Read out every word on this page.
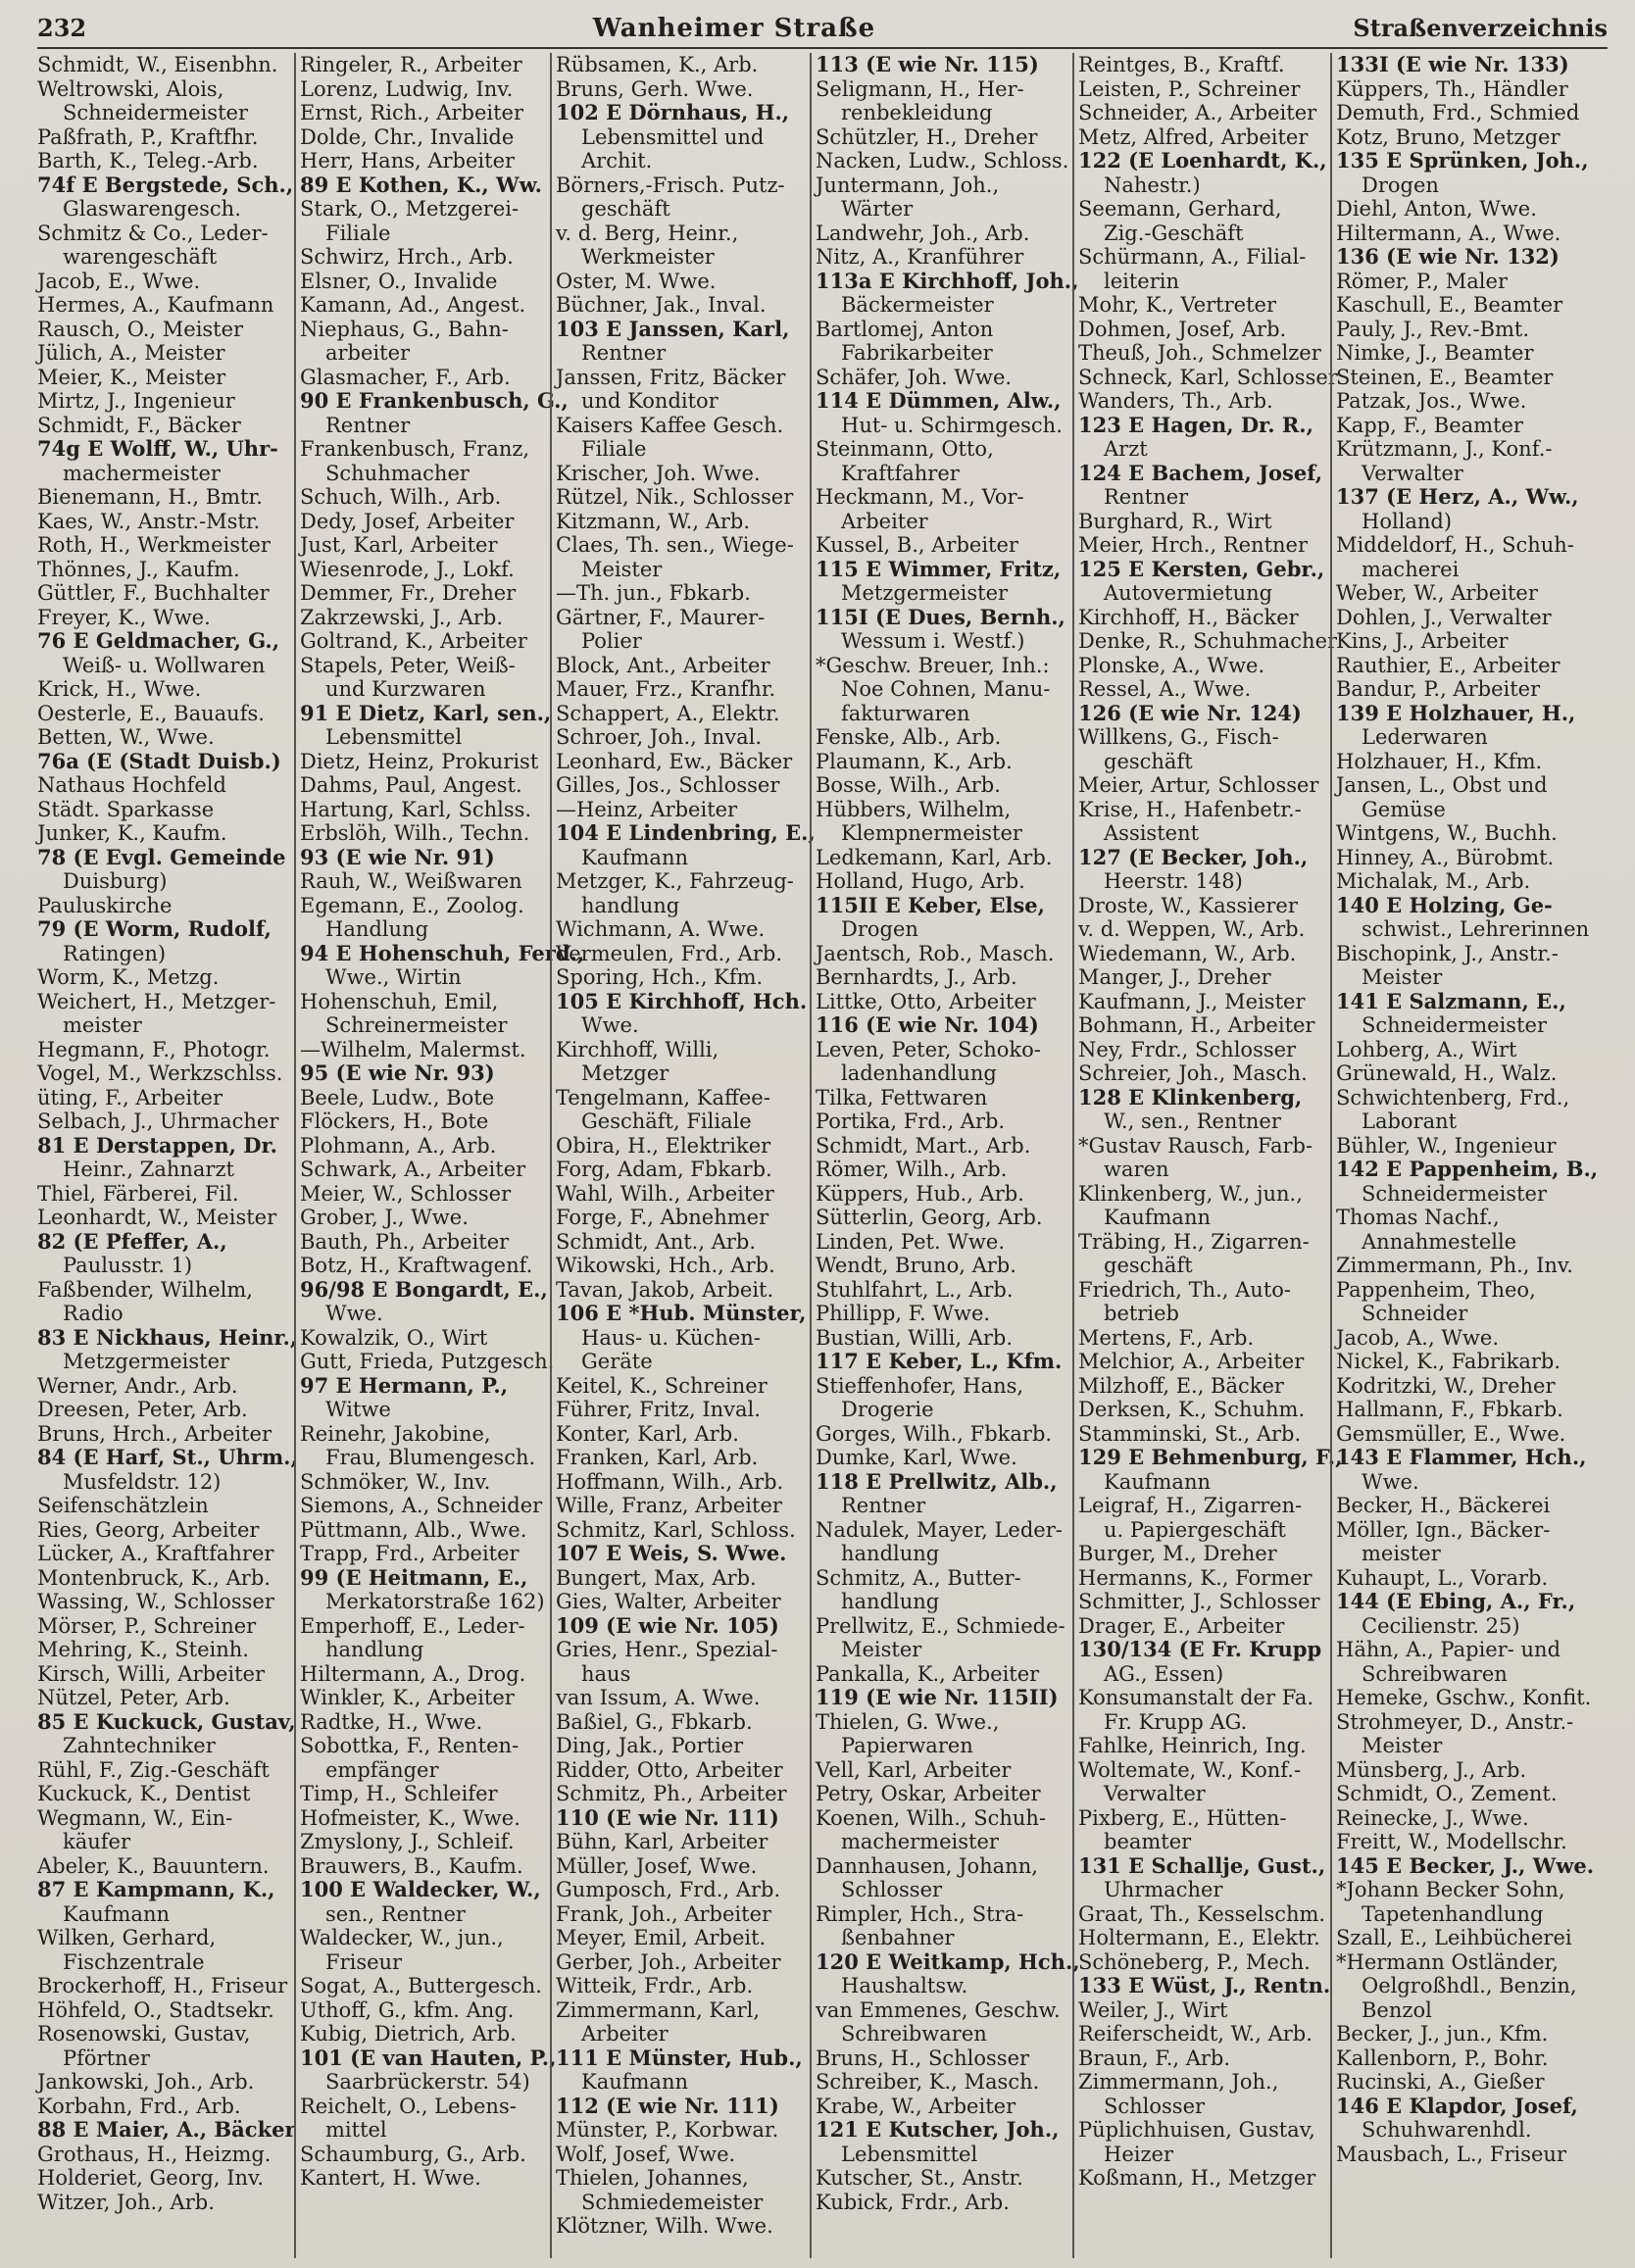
232	Wanheimer Straße	Straßenverzeichnis
Schmidt, W., Eisenbhn.
Weltrowski, Alois,
Schneidermeister
Paßfrath, P., Kraftfhr.
Barth, K., Teleg.-Arb.
74f E Bergstede, Sch.,
Glaswarengesch.
Schmitz & Co., Leder-
warengeschäft
Jacob, E., Wwe.
Hermes, A., Kaufmann
Rausch, O., Meister
Jülich, A., Meister
Meier, K., Meister
Mirtz, J., Ingenieur
Schmidt, F., Bäcker
74g E Wolff, W., Uhr-
machermeister
Bienemann, H., Bmtr.
Kaes, W., Anstr.-Mstr.
Roth, H., Werkmeister
Thönnes, J., Kaufm.
Güttler, F., Buchhalter
Freyer, K., Wwe.
76 E Geldmacher, G.,
Weiß- u. Wollwaren
Krick, H., Wwe.
Oesterle, E., Bauaufs.
Betten, W., Wwe.
76a (E (Stadt Duisb.)
Nathaus Hochfeld
Städt. Sparkasse
Junker, K., Kaufm.
78 (E Evgl. Gemeinde
Duisburg)
Pauluskirche
79 (E Worm, Rudolf,
Ratingen)
Worm, K., Metzg.
Weichert, H., Metzger-
meister
Hegmann, F., Photogr.
Vogel, M., Werkzschlss.
üting, F., Arbeiter
Selbach, J., Uhrmacher
81 E Derstappen, Dr.
Heinr., Zahnarzt
Thiel, Färberei, Fil.
Leonhardt, W., Meister
82 (E Pfeffer, A.,
Paulusstr. 1)
Faßbender, Wilhelm,
Radio
83 E Nickhaus, Heinr.,
Metzgermeister
Werner, Andr., Arb.
Dreesen, Peter, Arb.
Bruns, Hrch., Arbeiter
84 (E Harf, St., Uhrm.,
Musfeldstr. 12)
Seifenschätzlein
Ries, Georg, Arbeiter
Lücker, A., Kraftfahrer
Montenbruck, K., Arb.
Wassing, W., Schlosser
Mörser, P., Schreiner
Mehring, K., Steinh.
Kirsch, Willi, Arbeiter
Nützel, Peter, Arb.
85 E Kuckuck, Gustav,
Zahntechniker
Rühl, F., Zig.-Geschäft
Kuckuck, K., Dentist
Wegmann, W., Ein-
käufer
Abeler, K., Bauuntern.
87 E Kampmann, K.,
Kaufmann
Wilken, Gerhard,
Fischzentrale
Brockerhoff, H., Friseur
Höhfeld, O., Stadtsekr.
Rosenowski, Gustav,
Pförtner
Jankowski, Joh., Arb.
Korbahn, Frd., Arb.
88 E Maier, A., Bäcker
Grothaus, H., Heizmg.
Holderiet, Georg, Inv.
Witzer, Joh., Arb.
Ringeler, R., Arbeiter
Lorenz, Ludwig, Inv.
Ernst, Rich., Arbeiter
Dolde, Chr., Invalide
Herr, Hans, Arbeiter
89 E Kothen, K., Ww.
Stark, O., Metzgerei-
Filiale
Schwirz, Hrch., Arb.
Elsner, O., Invalide
Kamann, Ad., Angest.
Niephaus, G., Bahn-
arbeiter
Glasmacher, F., Arb.
90 E Frankenbusch, G.,
Rentner
Frankenbusch, Franz,
Schuhmacher
Schuch, Wilh., Arb.
Dedy, Josef, Arbeiter
Just, Karl, Arbeiter
Wiesenrode, J., Lokf.
Demmer, Fr., Dreher
Zakrzewski, J., Arb.
Goltrand, K., Arbeiter
Stapels, Peter, Weiß-
und Kurzwaren
91 E Dietz, Karl, sen.,
Lebensmittel
Dietz, Heinz, Prokurist
Dahms, Paul, Angest.
Hartung, Karl, Schlss.
Erbslöh, Wilh., Techn.
93 (E wie Nr. 91)
Rauh, W., Weißwaren
Egemann, E., Zoolog.
Handlung
94 E Hohenschuh, Ferd.,
Wwe., Wirtin
Hohenschuh, Emil,
Schreinermeister
—Wilhelm, Malermst.
95 (E wie Nr. 93)
Beele, Ludw., Bote
Flöckers, H., Bote
Plohmann, A., Arb.
Schwark, A., Arbeiter
Meier, W., Schlosser
Grober, J., Wwe.
Bauth, Ph., Arbeiter
Botz, H., Kraftwagenf.
96/98 E Bongardt, E.,
Wwe.
Kowalzik, O., Wirt
Gutt, Frieda, Putzgesch.
97 E Hermann, P.,
Witwe
Reinehr, Jakobine,
Frau, Blumengesch.
Schmöker, W., Inv.
Siemons, A., Schneider
Püttmann, Alb., Wwe.
Trapp, Frd., Arbeiter
99 (E Heitmann, E.,
Merkatorstraße 162)
Emperhoff, E., Leder-
handlung
Hiltermann, A., Drog.
Winkler, K., Arbeiter
Radtke, H., Wwe.
Sobottka, F., Renten-
empfänger
Timp, H., Schleifer
Hofmeister, K., Wwe.
Zmyslony, J., Schleif.
Brauwers, B., Kaufm.
100 E Waldecker, W.,
sen., Rentner
Waldecker, W., jun.,
Friseur
Sogat, A., Buttergesch.
Uthoff, G., kfm. Ang.
Kubig, Dietrich, Arb.
101 (E van Hauten, P.,
Saarbrückerstr. 54)
Reichelt, O., Lebens-
mittel
Schaumburg, G., Arb.
Kantert, H. Wwe.
Rübsamen, K., Arb.
Bruns, Gerh. Wwe.
102 E Dörnhaus, H.,
Lebensmittel und
Archit.
Börners,-Frisch. Putz-
geschäft
v. d. Berg, Heinr.,
Werkmeister
Oster, M. Wwe.
Büchner, Jak., Inval.
103 E Janssen, Karl,
Rentner
Janssen, Fritz, Bäcker
und Konditor
Kaisers Kaffee Gesch.
Filiale
Krischer, Joh. Wwe.
Rützel, Nik., Schlosser
Kitzmann, W., Arb.
Claes, Th. sen., Wiege-
Meister
—Th. jun., Fbkarb.
Gärtner, F., Maurer-
Polier
Block, Ant., Arbeiter
Mauer, Frz., Kranfhr.
Schappert, A., Elektr.
Schroer, Joh., Inval.
Leonhard, Ew., Bäcker
Gilles, Jos., Schlosser
—Heinz, Arbeiter
104 E Lindenbring, E.,
Kaufmann
Metzger, K., Fahrzeug-
handlung
Wichmann, A. Wwe.
Vermeulen, Frd., Arb.
Sporing, Hch., Kfm.
105 E Kirchhoff, Hch.
Wwe.
Kirchhoff, Willi,
Metzger
Tengelmann, Kaffee-
Geschäft, Filiale
Obira, H., Elektriker
Forg, Adam, Fbkarb.
Wahl, Wilh., Arbeiter
Forge, F., Abnehmer
Schmidt, Ant., Arb.
Wikowski, Hch., Arb.
Tavan, Jakob, Arbeit.
106 E *Hub. Münster,
Haus- u. Küchen-
Geräte
Keitel, K., Schreiner
Führer, Fritz, Inval.
Konter, Karl, Arb.
Franken, Karl, Arb.
Hoffmann, Wilh., Arb.
Wille, Franz, Arbeiter
Schmitz, Karl, Schloss.
107 E Weis, S. Wwe.
Bungert, Max, Arb.
Gies, Walter, Arbeiter
109 (E wie Nr. 105)
Gries, Henr., Spezial-
haus
van Issum, A. Wwe.
Baßiel, G., Fbkarb.
Ding, Jak., Portier
Ridder, Otto, Arbeiter
Schmitz, Ph., Arbeiter
110 (E wie Nr. 111)
Bühn, Karl, Arbeiter
Müller, Josef, Wwe.
Gumposch, Frd., Arb.
Frank, Joh., Arbeiter
Meyer, Emil, Arbeit.
Gerber, Joh., Arbeiter
Witteik, Frdr., Arb.
Zimmermann, Karl,
Arbeiter
111 E Münster, Hub.,
Kaufmann
112 (E wie Nr. 111)
Münster, P., Korbwar.
Wolf, Josef, Wwe.
Thielen, Johannes,
Schmiedemeister
Klötzner, Wilh. Wwe.
113 (E wie Nr. 115)
Seligmann, H., Her-
renbekleidung
Schützler, H., Dreher
Nacken, Ludw., Schloss.
Juntermann, Joh.,
Wärter
Landwehr, Joh., Arb.
Nitz, A., Kranführer
113a E Kirchhoff, Joh.,
Bäckermeister
Bartlomej, Anton
Fabrikarbeiter
Schäfer, Joh. Wwe.
114 E Dümmen, Alw.,
Hut- u. Schirmgesch.
Steinmann, Otto,
Kraftfahrer
Heckmann, M., Vor-
Arbeiter
Kussel, B., Arbeiter
115 E Wimmer, Fritz,
Metzgermeister
115I (E Dues, Bernh.,
Wessum i. Westf.)
*Geschw. Breuer, Inh.:
Noe Cohnen, Manu-
fakturwaren
Fenske, Alb., Arb.
Plaumann, K., Arb.
Bosse, Wilh., Arb.
Hübbers, Wilhelm,
Klempnermeister
Ledkemann, Karl, Arb.
Holland, Hugo, Arb.
115II E Keber, Else,
Drogen
Jaentsch, Rob., Masch.
Bernhardts, J., Arb.
Littke, Otto, Arbeiter
116 (E wie Nr. 104)
Leven, Peter, Schoko-
ladenhandlung
Tilka, Fettwaren
Portika, Frd., Arb.
Schmidt, Mart., Arb.
Römer, Wilh., Arb.
Küppers, Hub., Arb.
Sütterlin, Georg, Arb.
Linden, Pet. Wwe.
Wendt, Bruno, Arb.
Stuhlfahrt, L., Arb.
Phillipp, F. Wwe.
Bustian, Willi, Arb.
117 E Keber, L., Kfm.
Stieffenhofer, Hans,
Drogerie
Gorges, Wilh., Fbkarb.
Dumke, Karl, Wwe.
118 E Prellwitz, Alb.,
Rentner
Nadulek, Mayer, Leder-
handlung
Schmitz, A., Butter-
handlung
Prellwitz, E., Schmiede-
Meister
Pankalla, K., Arbeiter
119 (E wie Nr. 115II)
Thielen, G. Wwe.,
Papierwaren
Vell, Karl, Arbeiter
Petry, Oskar, Arbeiter
Koenen, Wilh., Schuh-
machermeister
Dannhausen, Johann,
Schlosser
Rimpler, Hch., Stra-
ßenbahner
120 E Weitkamp, Hch.,
Haushaltsw.
van Emmenes, Geschw.
Schreibwaren
Bruns, H., Schlosser
Schreiber, K., Masch.
Krabe, W., Arbeiter
121 E Kutscher, Joh.,
Lebensmittel
Kutscher, St., Anstr.
Kubick, Frdr., Arb.
Reintges, B., Kraftf.
Leisten, P., Schreiner
Schneider, A., Arbeiter
Metz, Alfred, Arbeiter
122 (E Loenhardt, K.,
Nahestr.)
Seemann, Gerhard,
Zig.-Geschäft
Schürmann, A., Filial-
leiterin
Mohr, K., Vertreter
Dohmen, Josef, Arb.
Theuß, Joh., Schmelzer
Schneck, Karl, Schlosser
Wanders, Th., Arb.
123 E Hagen, Dr. R.,
Arzt
124 E Bachem, Josef,
Rentner
Burghard, R., Wirt
Meier, Hrch., Rentner
125 E Kersten, Gebr.,
Autovermietung
Kirchhoff, H., Bäcker
Denke, R., Schuhmacher
Plonske, A., Wwe.
Ressel, A., Wwe.
126 (E wie Nr. 124)
Willkens, G., Fisch-
geschäft
Meier, Artur, Schlosser
Krise, H., Hafenbetr.-
Assistent
127 (E Becker, Joh.,
Heerstr. 148)
Droste, W., Kassierer
v. d. Weppen, W., Arb.
Wiedemann, W., Arb.
Manger, J., Dreher
Kaufmann, J., Meister
Bohmann, H., Arbeiter
Ney, Frdr., Schlosser
Schreier, Joh., Masch.
128 E Klinkenberg,
W., sen., Rentner
*Gustav Rausch, Farb-
waren
Klinkenberg, W., jun.,
Kaufmann
Träbing, H., Zigarren-
geschäft
Friedrich, Th., Auto-
betrieb
Mertens, F., Arb.
Melchior, A., Arbeiter
Milzhoff, E., Bäcker
Derksen, K., Schuhm.
Stamminski, St., Arb.
129 E Behmenburg, F.,
Kaufmann
Leigraf, H., Zigarren-
u. Papiergeschäft
Burger, M., Dreher
Hermanns, K., Former
Schmitter, J., Schlosser
Drager, E., Arbeiter
130/134 (E Fr. Krupp
AG., Essen)
Konsumanstalt der Fa.
Fr. Krupp AG.
Fahlke, Heinrich, Ing.
Woltemate, W., Konf.-
Verwalter
Pixberg, E., Hütten-
beamter
131 E Schallje, Gust.,
Uhrmacher
Graat, Th., Kesselschm.
Holtermann, E., Elektr.
Schöneberg, P., Mech.
133 E Wüst, J., Rentn.
Weiler, J., Wirt
Reiferscheidt, W., Arb.
Braun, F., Arb.
Zimmermann, Joh.,
Schlosser
Püplichhuisen, Gustav,
Heizer
Koßmann, H., Metzger
133I (E wie Nr. 133)
Küppers, Th., Händler
Demuth, Frd., Schmied
Kotz, Bruno, Metzger
135 E Sprünken, Joh.,
Drogen
Diehl, Anton, Wwe.
Hiltermann, A., Wwe.
136 (E wie Nr. 132)
Römer, P., Maler
Kaschull, E., Beamter
Pauly, J., Rev.-Bmt.
Nimke, J., Beamter
Steinen, E., Beamter
Patzak, Jos., Wwe.
Kapp, F., Beamter
Krützmann, J., Konf.-
Verwalter
137 (E Herz, A., Ww.,
Holland)
Middeldorf, H., Schuh-
macherei
Weber, W., Arbeiter
Dohlen, J., Verwalter
Kins, J., Arbeiter
Rauthier, E., Arbeiter
Bandur, P., Arbeiter
139 E Holzhauer, H.,
Lederwaren
Holzhauer, H., Kfm.
Jansen, L., Obst und
Gemüse
Wintgens, W., Buchh.
Hinney, A., Bürobmt.
Michalak, M., Arb.
140 E Holzing, Ge-
schwist., Lehrerinnen
Bischopink, J., Anstr.-
Meister
141 E Salzmann, E.,
Schneidermeister
Lohberg, A., Wirt
Grünewald, H., Walz.
Schwichtenberg, Frd.,
Laborant
Bühler, W., Ingenieur
142 E Pappenheim, B.,
Schneidermeister
Thomas Nachf.,
Annahmestelle
Zimmermann, Ph., Inv.
Pappenheim, Theo,
Schneider
Jacob, A., Wwe.
Nickel, K., Fabrikarb.
Kodritzki, W., Dreher
Hallmann, F., Fbkarb.
Gemsmüller, E., Wwe.
143 E Flammer, Hch.,
Wwe.
Becker, H., Bäckerei
Möller, Ign., Bäcker-
meister
Kuhaupt, L., Vorarb.
144 (E Ebing, A., Fr.,
Cecilienstr. 25)
Hähn, A., Papier- und
Schreibwaren
Hemeke, Gschw., Konfit.
Strohmeyer, D., Anstr.-
Meister
Münsberg, J., Arb.
Schmidt, O., Zement.
Reinecke, J., Wwe.
Freitt, W., Modellschr.
145 E Becker, J., Wwe.
*Johann Becker Sohn,
Tapetenhandlung
Szall, E., Leihbücherei
*Hermann Ostländer,
Oelgroßhdl., Benzin,
Benzol
Becker, J., jun., Kfm.
Kallenborn, P., Bohr.
Rucinski, A., Gießer
146 E Klapdor, Josef,
Schuhwarenhdl.
Mausbach, L., Friseur
